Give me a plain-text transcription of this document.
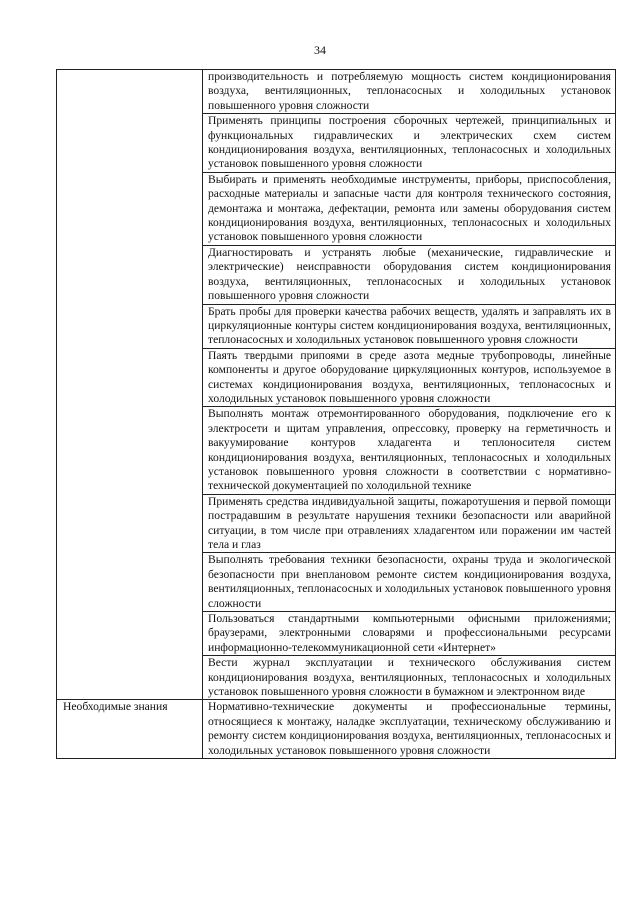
34

	производительность и потребляемую мощность систем кондиционирования воздуха, вентиляционных, теплонасосных и холодильных установок повышенного уровня сложности

	Применять принципы построения сборочных чертежей, принципиальных и функциональных гидравлических и электрических схем систем кондиционирования воздуха, вентиляционных, теплонасосных и холодильных установок повышенного уровня сложности

	Выбирать и применять необходимые инструменты, приборы, приспособления, расходные материалы и запасные части для контроля технического состояния, демонтажа и монтажа, дефектации, ремонта или замены оборудования систем кондиционирования воздуха, вентиляционных, теплонасосных и холодильных установок повышенного уровня сложности

	Диагностировать и устранять любые (механические, гидравлические и электрические) неисправности оборудования систем кондиционирования воздуха, вентиляционных, теплонасосных и холодильных установок повышенного уровня сложности

	Брать пробы для проверки качества рабочих веществ, удалять и заправлять их в циркуляционные контуры систем кондиционирования воздуха, вентиляционных, теплонасосных и холодильных установок повышенного уровня сложности

	Паять твердыми припоями в среде азота медные трубопроводы, линейные компоненты и другое оборудование циркуляционных контуров, используемое в системах кондиционирования воздуха, вентиляционных, теплонасосных и холодильных установок повышенного уровня сложности

	Выполнять монтаж отремонтированного оборудования, подключение его к электросети и щитам управления, опрессовку, проверку на герметичность и вакуумирование контуров хладагента и теплоносителя систем кондиционирования воздуха, вентиляционных, теплонасосных и холодильных установок повышенного уровня сложности в соответствии с нормативно-технической документацией по холодильной технике

	Применять средства индивидуальной защиты, пожаротушения и первой помощи пострадавшим в результате нарушения техники безопасности или аварийной ситуации, в том числе при отравлениях хладагентом или поражении им частей тела и глаз

	Выполнять требования техники безопасности, охраны труда и экологической безопасности при внеплановом ремонте систем кондиционирования воздуха, вентиляционных, теплонасосных и холодильных установок повышенного уровня сложности

	Пользоваться стандартными компьютерными офисными приложениями; браузерами, электронными словарями и профессиональными ресурсами информационно-телекоммуникационной сети «Интернет»

	Вести журнал эксплуатации и технического обслуживания систем кондиционирования воздуха, вентиляционных, теплонасосных и холодильных установок повышенного уровня сложности в бумажном и электронном виде

Необходимые знания	Нормативно-технические документы и профессиональные термины, относящиеся к монтажу, наладке эксплуатации, техническому обслуживанию и ремонту систем кондиционирования воздуха, вентиляционных, теплонасосных и холодильных установок повышенного уровня сложности
